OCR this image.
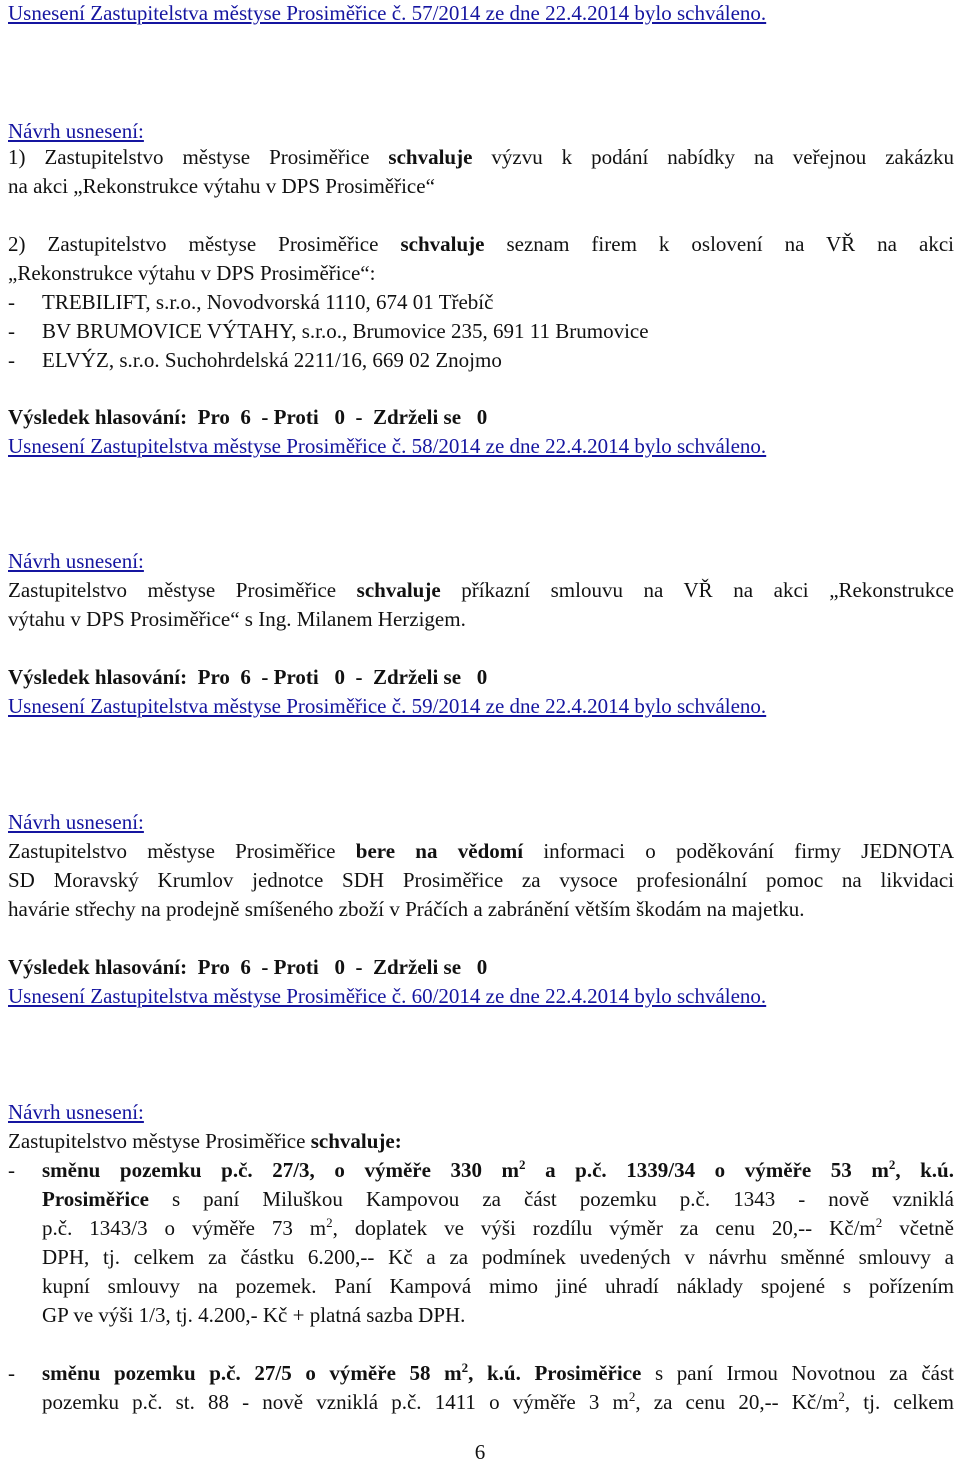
Usnesení Zastupitelstva městyse Prosiměřice č. 57/2014 ze dne 22.4.2014 bylo schváleno.
Návrh usnesení:
1) Zastupitelstvo městyse Prosiměřice schvaluje výzvu k podání nabídky na veřejnou zakázku
na akci „Rekonstrukce výtahu v DPS Prosiměřice“
2) Zastupitelstvo městyse Prosiměřice schvaluje seznam firem k oslovení na VŘ na akci
„Rekonstrukce výtahu v DPS Prosiměřice“:
- TREBILIFT, s.r.o., Novodvorská 1110, 674 01 Třebíč
- BV BRUMOVICE VÝTAHY, s.r.o., Brumovice 235, 691 11 Brumovice
- ELVÝZ, s.r.o. Suchohrdelská 2211/16, 669 02 Znojmo
Výsledek hlasování:  Pro  6  - Proti   0  -  Zdrželi se   0
Usnesení Zastupitelstva městyse Prosiměřice č. 58/2014 ze dne 22.4.2014 bylo schváleno.
Návrh usnesení:
Zastupitelstvo městyse Prosiměřice schvaluje příkazní smlouvu na VŘ na akci „Rekonstrukce
výtahu v DPS Prosiměřice“ s Ing. Milanem Herzigem.
Výsledek hlasování:  Pro  6  - Proti   0  -  Zdrželi se   0
Usnesení Zastupitelstva městyse Prosiměřice č. 59/2014 ze dne 22.4.2014 bylo schváleno.
Návrh usnesení:
Zastupitelstvo městyse Prosiměřice bere na vědomí informaci o poděkování firmy JEDNOTA
SD Moravský Krumlov jednotce SDH Prosiměřice za vysoce profesionální pomoc na likvidaci
havárie střechy na prodejně smíšeného zboží v Práčích a zabránění větším škodám na majetku.
Výsledek hlasování:  Pro  6  - Proti   0  -  Zdrželi se   0
Usnesení Zastupitelstva městyse Prosiměřice č. 60/2014 ze dne 22.4.2014 bylo schváleno.
Návrh usnesení:
Zastupitelstvo městyse Prosiměřice schvaluje:
- směnu pozemku p.č. 27/3, o výměře 330 $m^2$ a p.č. 1339/34 o výměře 53 $m^2$, k.ú.
Prosiměřice s paní Miluškou Kampovou za část pozemku p.č. 1343 - nově vzniklá
p.č. 1343/3 o výměře 73 $m^2$, doplatek ve výši rozdílu výměr za cenu 20,-- $Kč/m^2$ včetně
DPH, tj. celkem za částku 6.200,-- Kč a za podmínek uvedených v návrhu směnné smlouvy a
kupní smlouvy na pozemek. Paní Kampová mimo jiné uhradí náklady spojené s pořízením
GP ve výši 1/3, tj. 4.200,- Kč + platná sazba DPH.
- směnu pozemku p.č. 27/5 o výměře 58 $m^2$, k.ú. Prosiměřice s paní Irmou Novotnou za část
pozemku p.č. st. 88 - nově vzniklá p.č. 1411 o výměře 3 $m^2$, za cenu 20,-- $Kč/m^2$, tj. celkem
6
